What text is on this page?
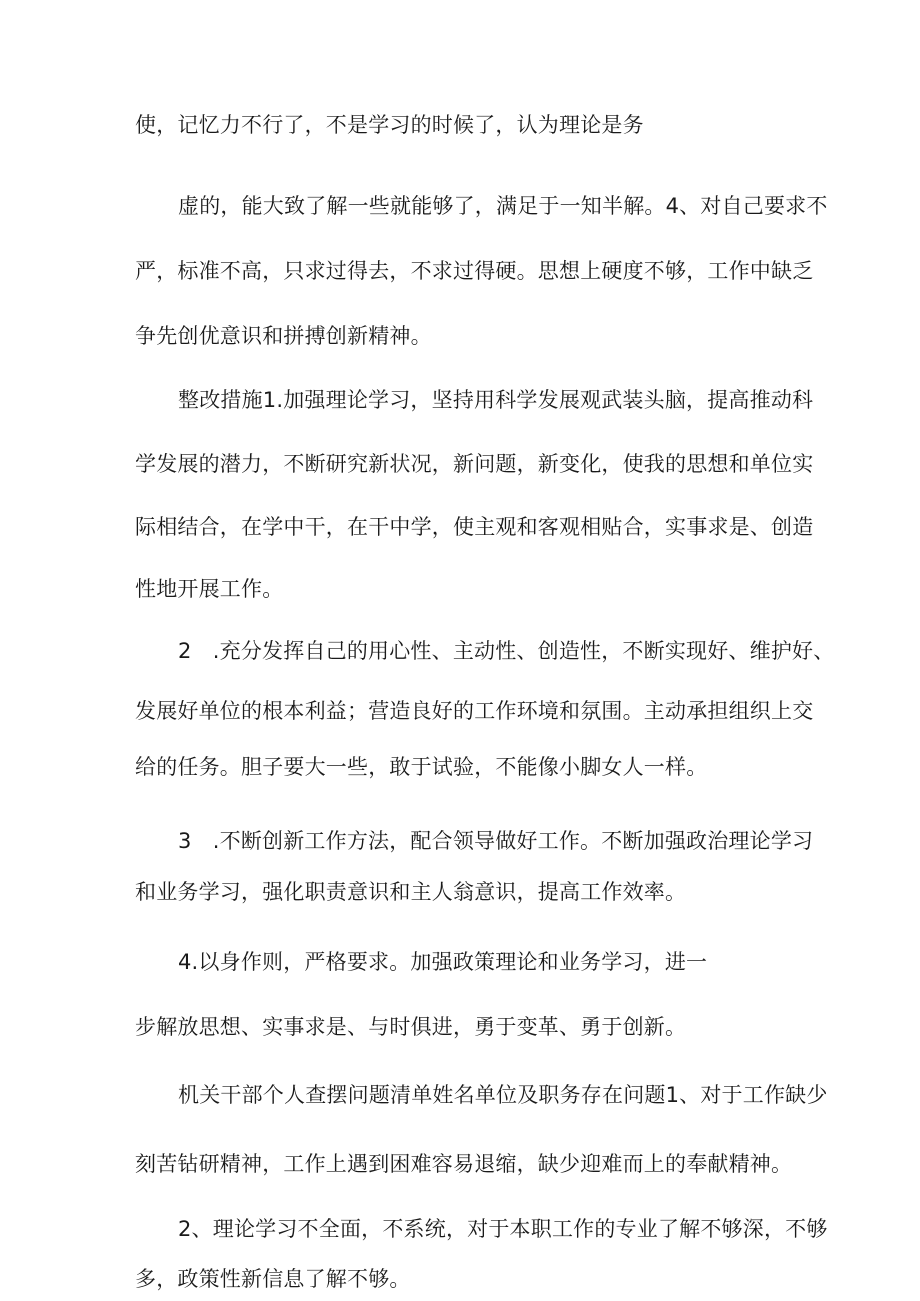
使，记忆力不行了，不是学习的时候了，认为理论是务
虚的，能大致了解一些就能够了，满足于一知半解。4、对自己要求不
严，标准不高，只求过得去，不求过得硬。思想上硬度不够，工作中缺乏
争先创优意识和拼搏创新精神。
整改措施1.加强理论学习，坚持用科学发展观武装头脑，提高推动科
学发展的潜力，不断研究新状况，新问题，新变化，使我的思想和单位实
际相结合，在学中干，在干中学，使主观和客观相贴合，实事求是、创造
性地开展工作。
2　.充分发挥自己的用心性、主动性、创造性，不断实现好、维护好、
发展好单位的根本利益；营造良好的工作环境和氛围。主动承担组织上交
给的任务。胆子要大一些，敢于试验，不能像小脚女人一样。
3　.不断创新工作方法，配合领导做好工作。不断加强政治理论学习
和业务学习，强化职责意识和主人翁意识，提高工作效率。
4.以身作则，严格要求。加强政策理论和业务学习，进一
步解放思想、实事求是、与时俱进，勇于变革、勇于创新。
机关干部个人查摆问题清单姓名单位及职务存在问题1、对于工作缺少
刻苦钻研精神，工作上遇到困难容易退缩，缺少迎难而上的奉献精神。
2、理论学习不全面，不系统，对于本职工作的专业了解不够深，不够
多，政策性新信息了解不够。
